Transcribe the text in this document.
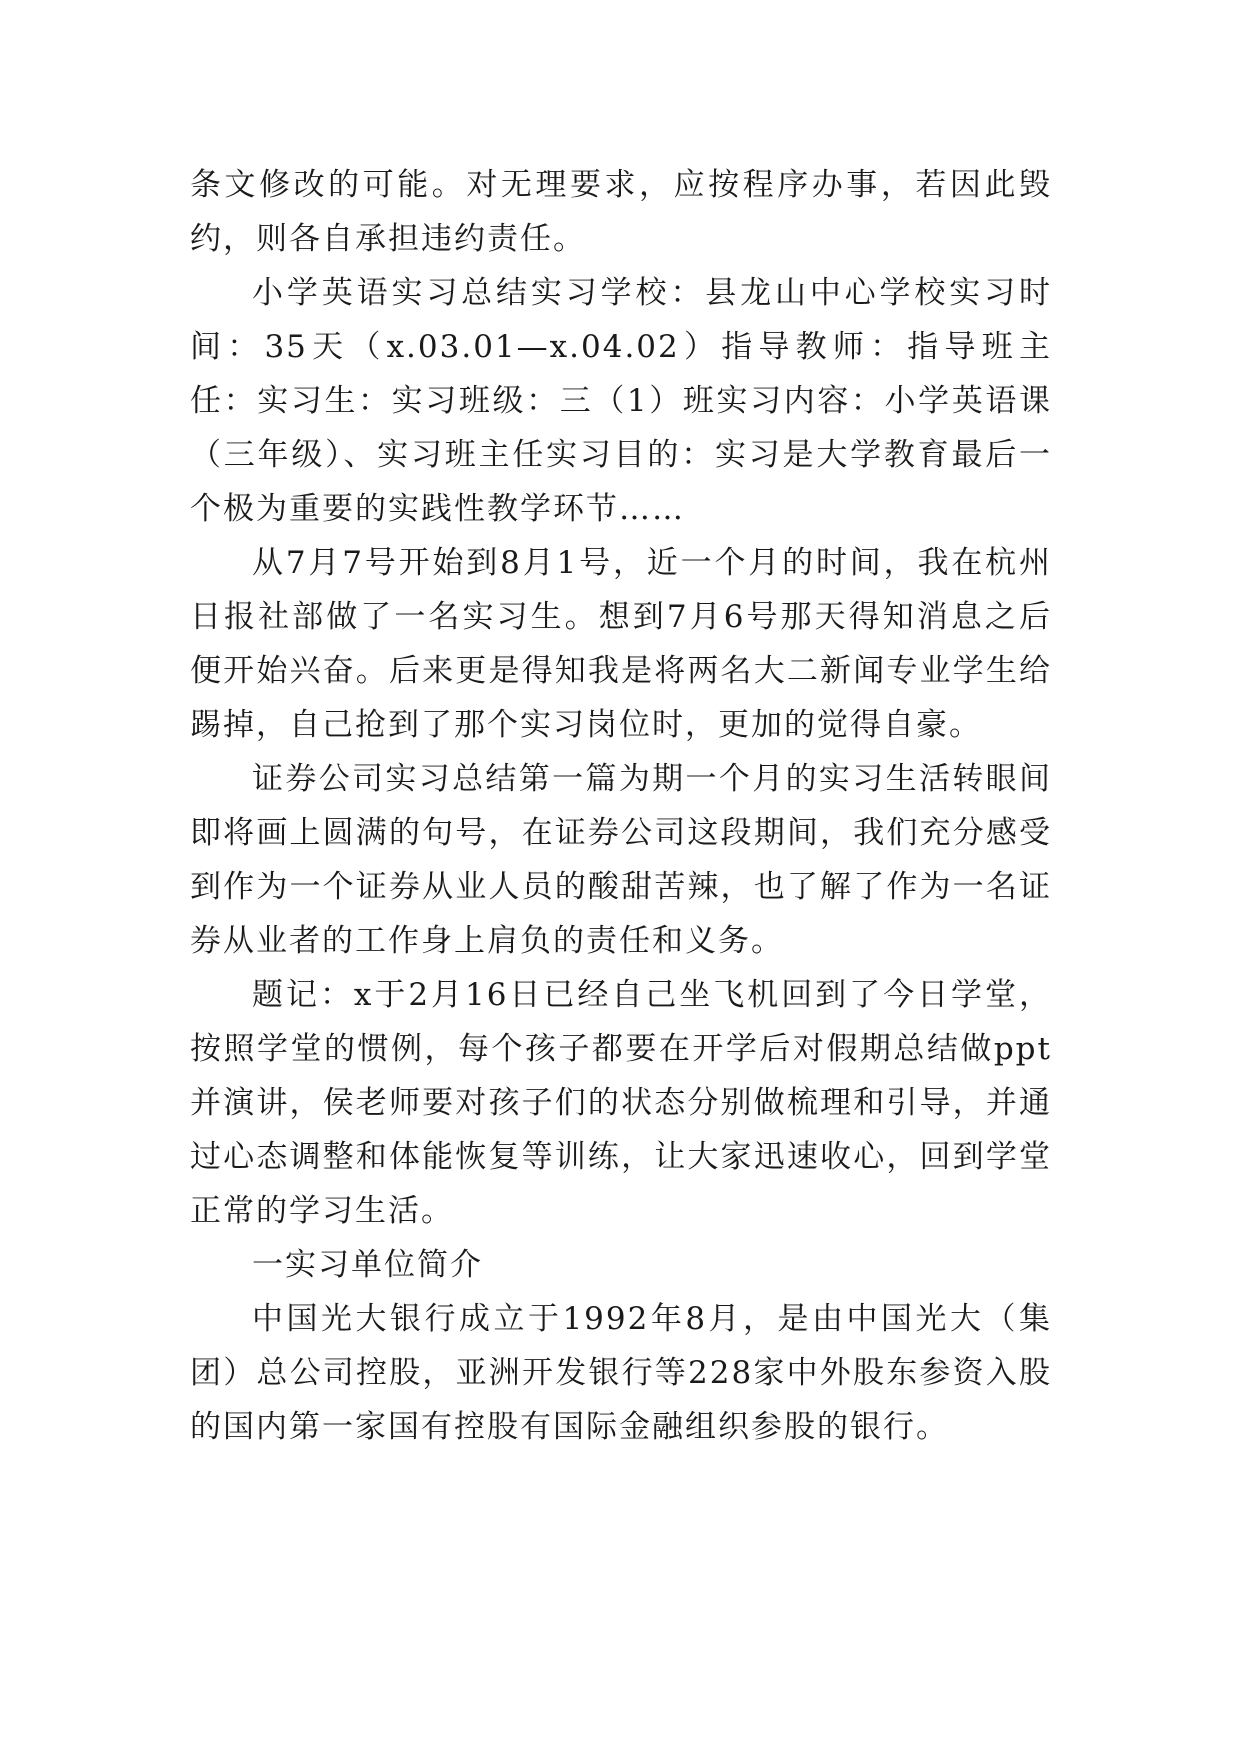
条文修改的可能。对无理要求，应按程序办事，若因此毁约，则各自承担违约责任。

小学英语实习总结实习学校：县龙山中心学校实习时间：35天（x.03.01—x.04.02）指导教师：指导班主任：实习生：实习班级：三（1）班实习内容：小学英语课（三年级）、实习班主任实习目的：实习是大学教育最后一个极为重要的实践性教学环节……

从7月7号开始到8月1号，近一个月的时间，我在杭州日报社部做了一名实习生。想到7月6号那天得知消息之后便开始兴奋。后来更是得知我是将两名大二新闻专业学生给踢掉，自己抢到了那个实习岗位时，更加的觉得自豪。

证券公司实习总结第一篇为期一个月的实习生活转眼间即将画上圆满的句号，在证券公司这段期间，我们充分感受到作为一个证券从业人员的酸甜苦辣，也了解了作为一名证券从业者的工作身上肩负的责任和义务。

题记：x于2月16日已经自己坐飞机回到了今日学堂，按照学堂的惯例，每个孩子都要在开学后对假期总结做ppt并演讲，侯老师要对孩子们的状态分别做梳理和引导，并通过心态调整和体能恢复等训练，让大家迅速收心，回到学堂正常的学习生活。

一实习单位简介

中国光大银行成立于1992年8月，是由中国光大（集团）总公司控股，亚洲开发银行等228家中外股东参资入股的国内第一家国有控股有国际金融组织参股的银行。
